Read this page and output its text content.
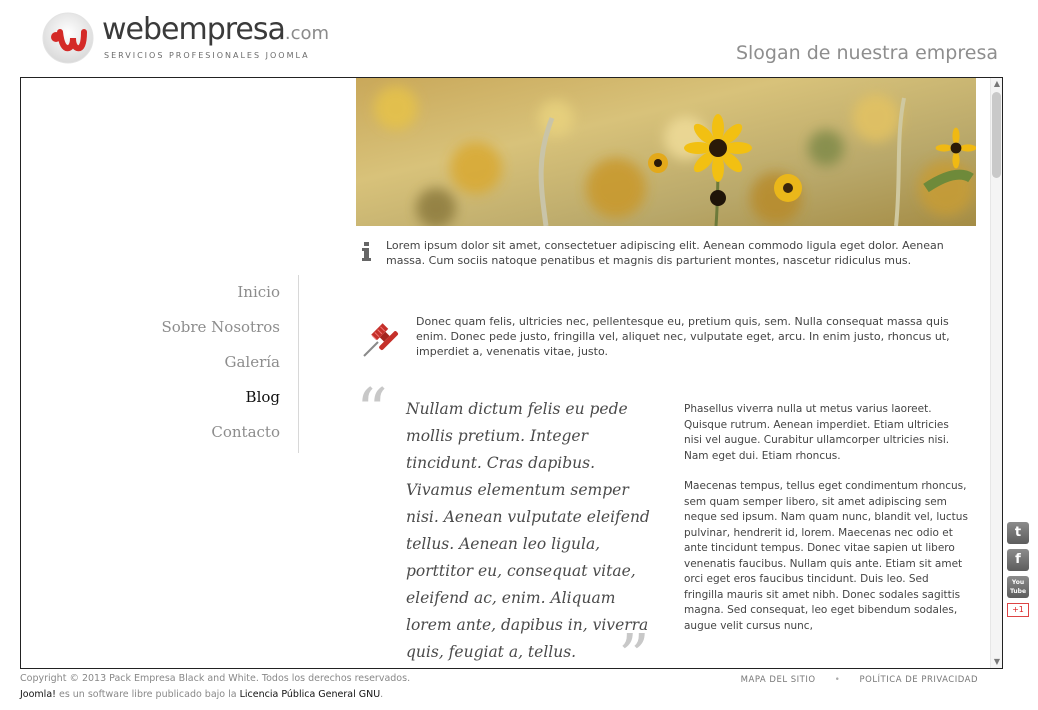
webempresa.com
SERVICIOS PROFESIONALES JOOMLA	Slogan de nuestra empresa
Inicio
Sobre Nosotros
Galería
Blog
Contacto

Lorem ipsum dolor sit amet, consectetuer adipiscing elit. Aenean commodo ligula eget dolor. Aenean massa. Cum sociis natoque penatibus et magnis dis parturient montes, nascetur ridiculus mus.

Donec quam felis, ultricies nec, pellentesque eu, pretium quis, sem. Nulla consequat massa quis enim. Donec pede justo, fringilla vel, aliquet nec, vulputate eget, arcu. In enim justo, rhoncus ut, imperdiet a, venenatis vitae, justo.

“ Nullam dictum felis eu pede mollis pretium. Integer tincidunt. Cras dapibus. Vivamus elementum semper nisi. Aenean vulputate eleifend tellus. Aenean leo ligula, porttitor eu, consequat vitae, eleifend ac, enim. Aliquam lorem ante, dapibus in, viverra quis, feugiat a, tellus. ”

Phasellus viverra nulla ut metus varius laoreet. Quisque rutrum. Aenean imperdiet. Etiam ultricies nisi vel augue. Curabitur ullamcorper ultricies nisi. Nam eget dui. Etiam rhoncus.

Maecenas tempus, tellus eget condimentum rhoncus, sem quam semper libero, sit amet adipiscing sem neque sed ipsum. Nam quam nunc, blandit vel, luctus pulvinar, hendrerit id, lorem. Maecenas nec odio et ante tincidunt tempus. Donec vitae sapien ut libero venenatis faucibus. Nullam quis ante. Etiam sit amet orci eget eros faucibus tincidunt. Duis leo. Sed fringilla mauris sit amet nibh. Donec sodales sagittis magna. Sed consequat, leo eget bibendum sodales, augue velit cursus nunc,

▲
▼
t
f
You Tube
+1
Copyright © 2013 Pack Empresa Black and White. Todos los derechos reservados.
Joomla! es un software libre publicado bajo la Licencia Pública General GNU.
MAPA DEL SITIO • POLÍTICA DE PRIVACIDAD
